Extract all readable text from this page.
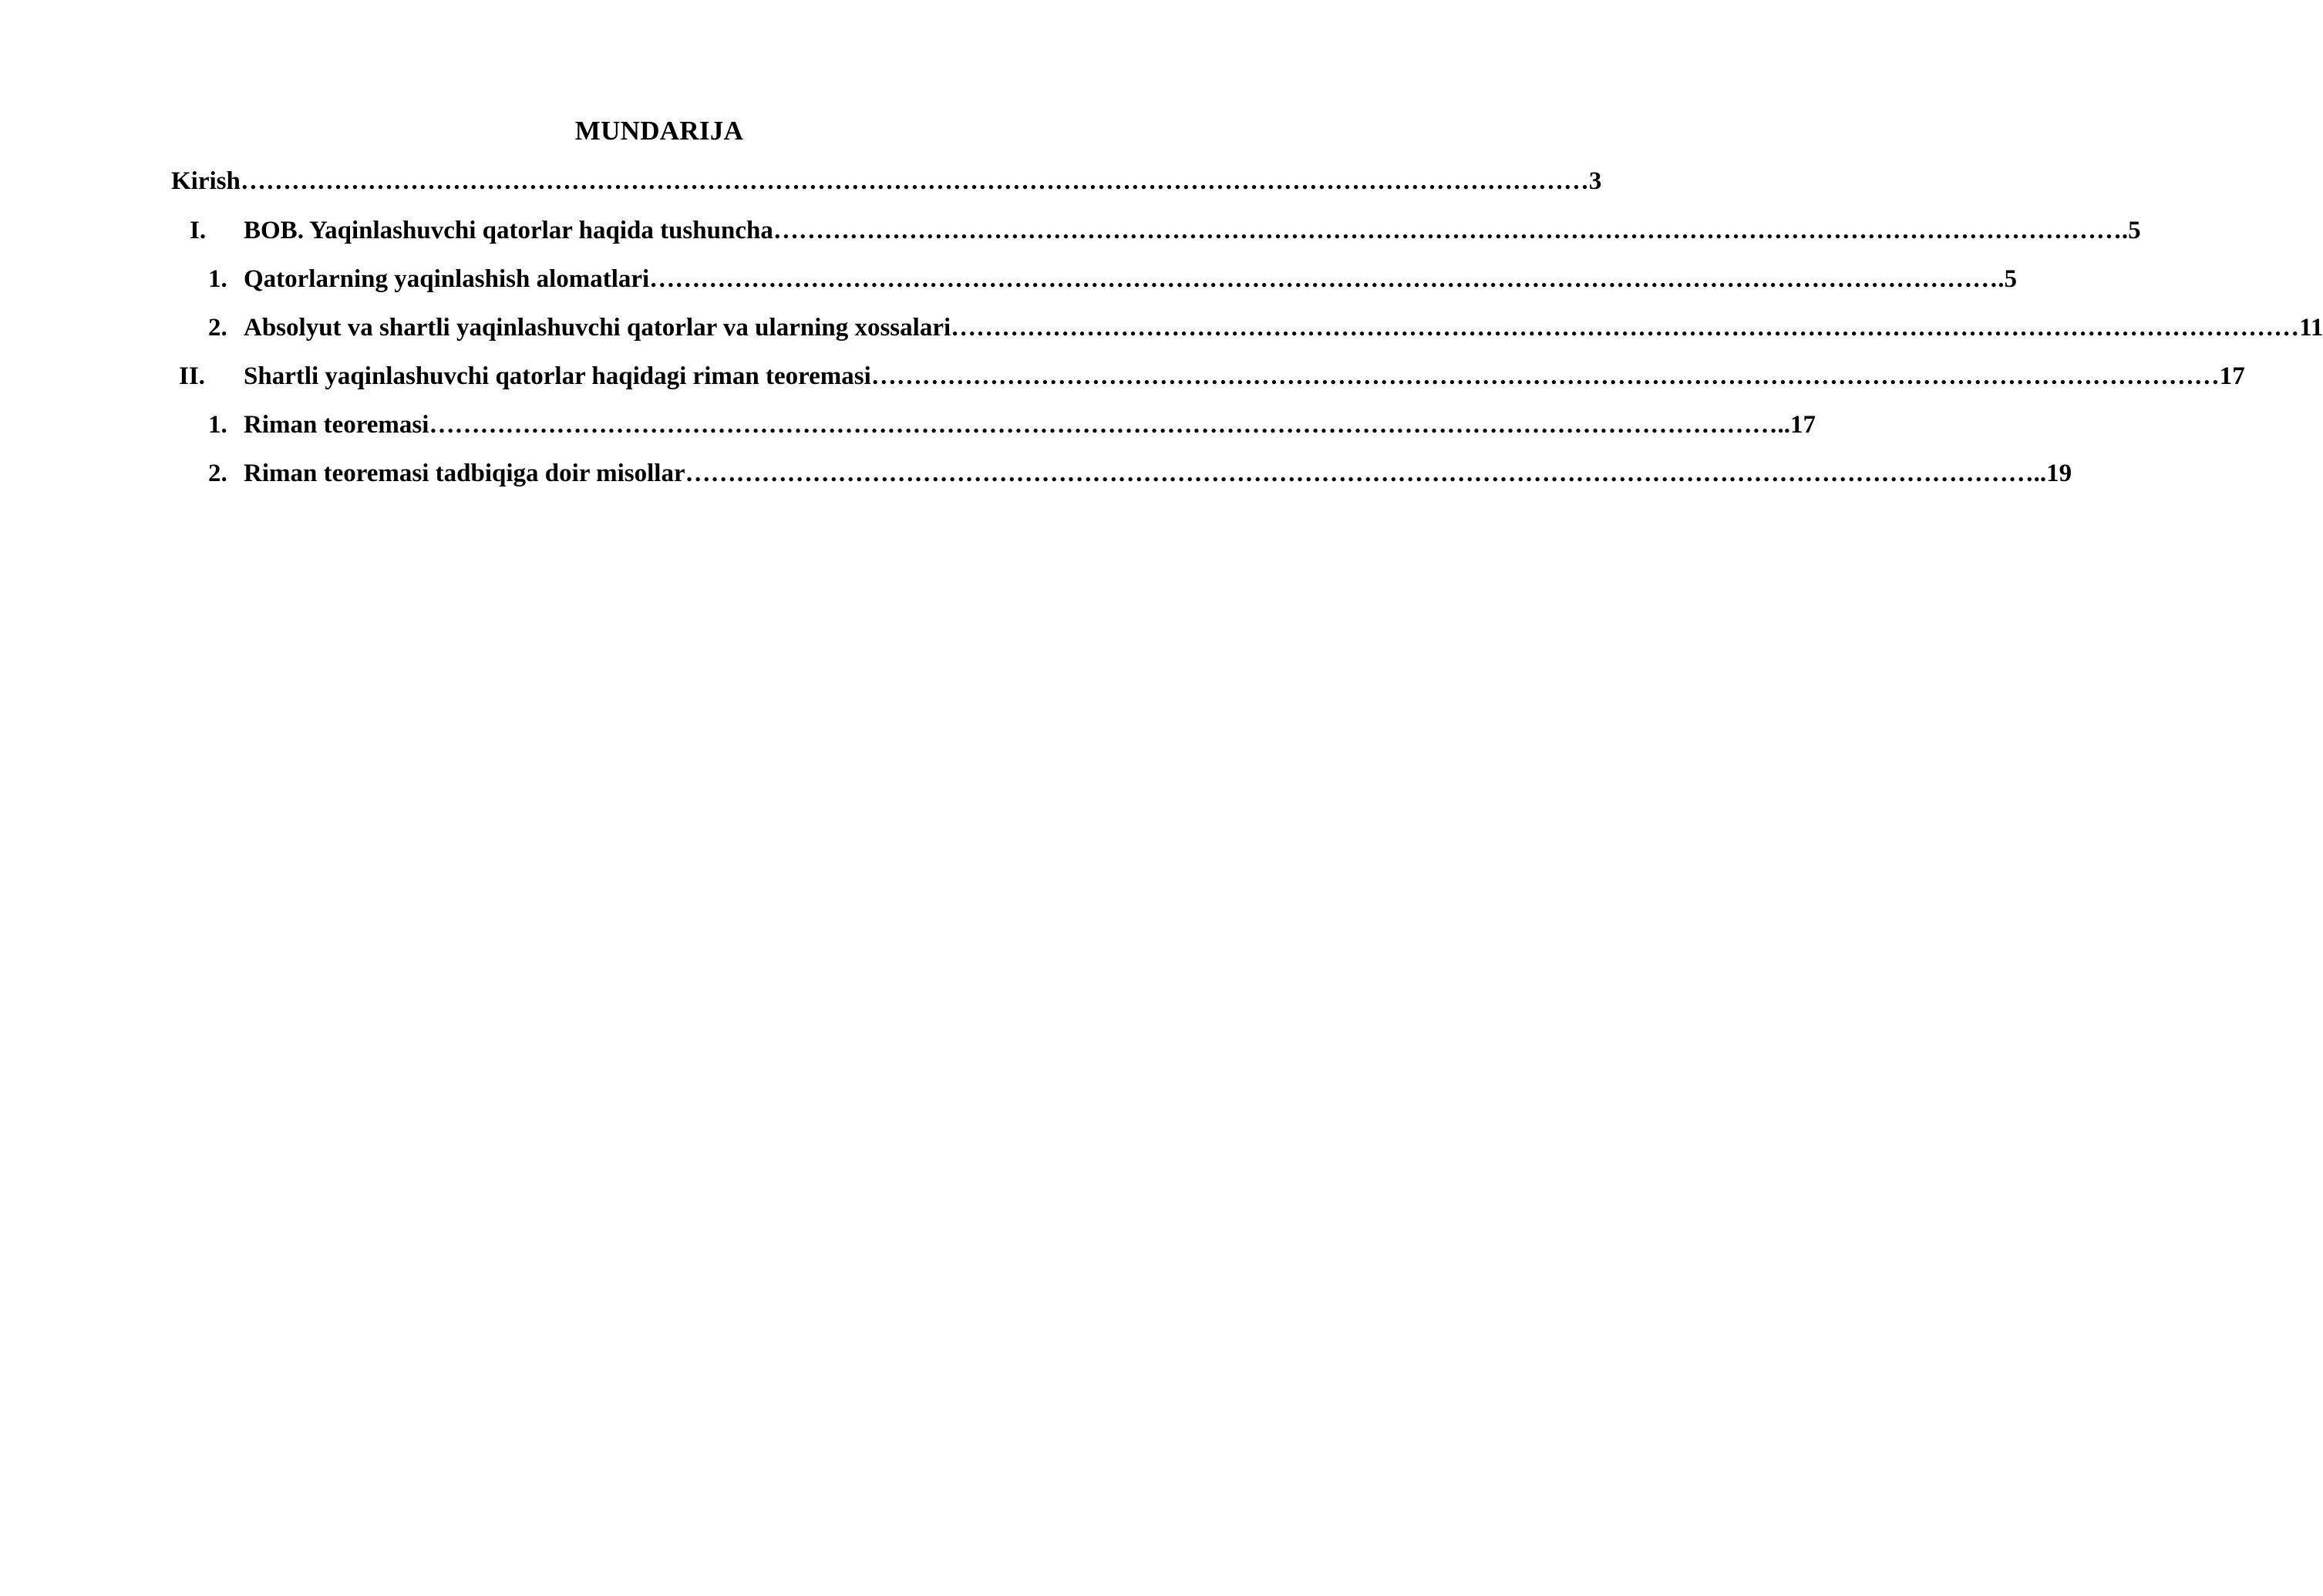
MUNDARIJA
Kirish …………………………………………………………………………………………………………………………………………… 3
I. BOB. Yaqinlashuvchi qatorlar haqida tushuncha …………………………………………………………………………………………………………………………………………… .5
1. Qatorlarning yaqinlashish alomatlari …………………………………………………………………………………………………………………………………………… .5
2. Absolyut va shartli yaqinlashuvchi qatorlar va ularning xossalari …………………………………………………………………………………………………………………………………………… 11
II. Shartli yaqinlashuvchi qatorlar haqidagi riman teoremasi …………………………………………………………………………………………………………………………………………… 17
1. Riman teoremasi …………………………………………………………………………………………………………………………………………… ..17
2. Riman teoremasi tadbiqiga doir misollar …………………………………………………………………………………………………………………………………………… ..19
